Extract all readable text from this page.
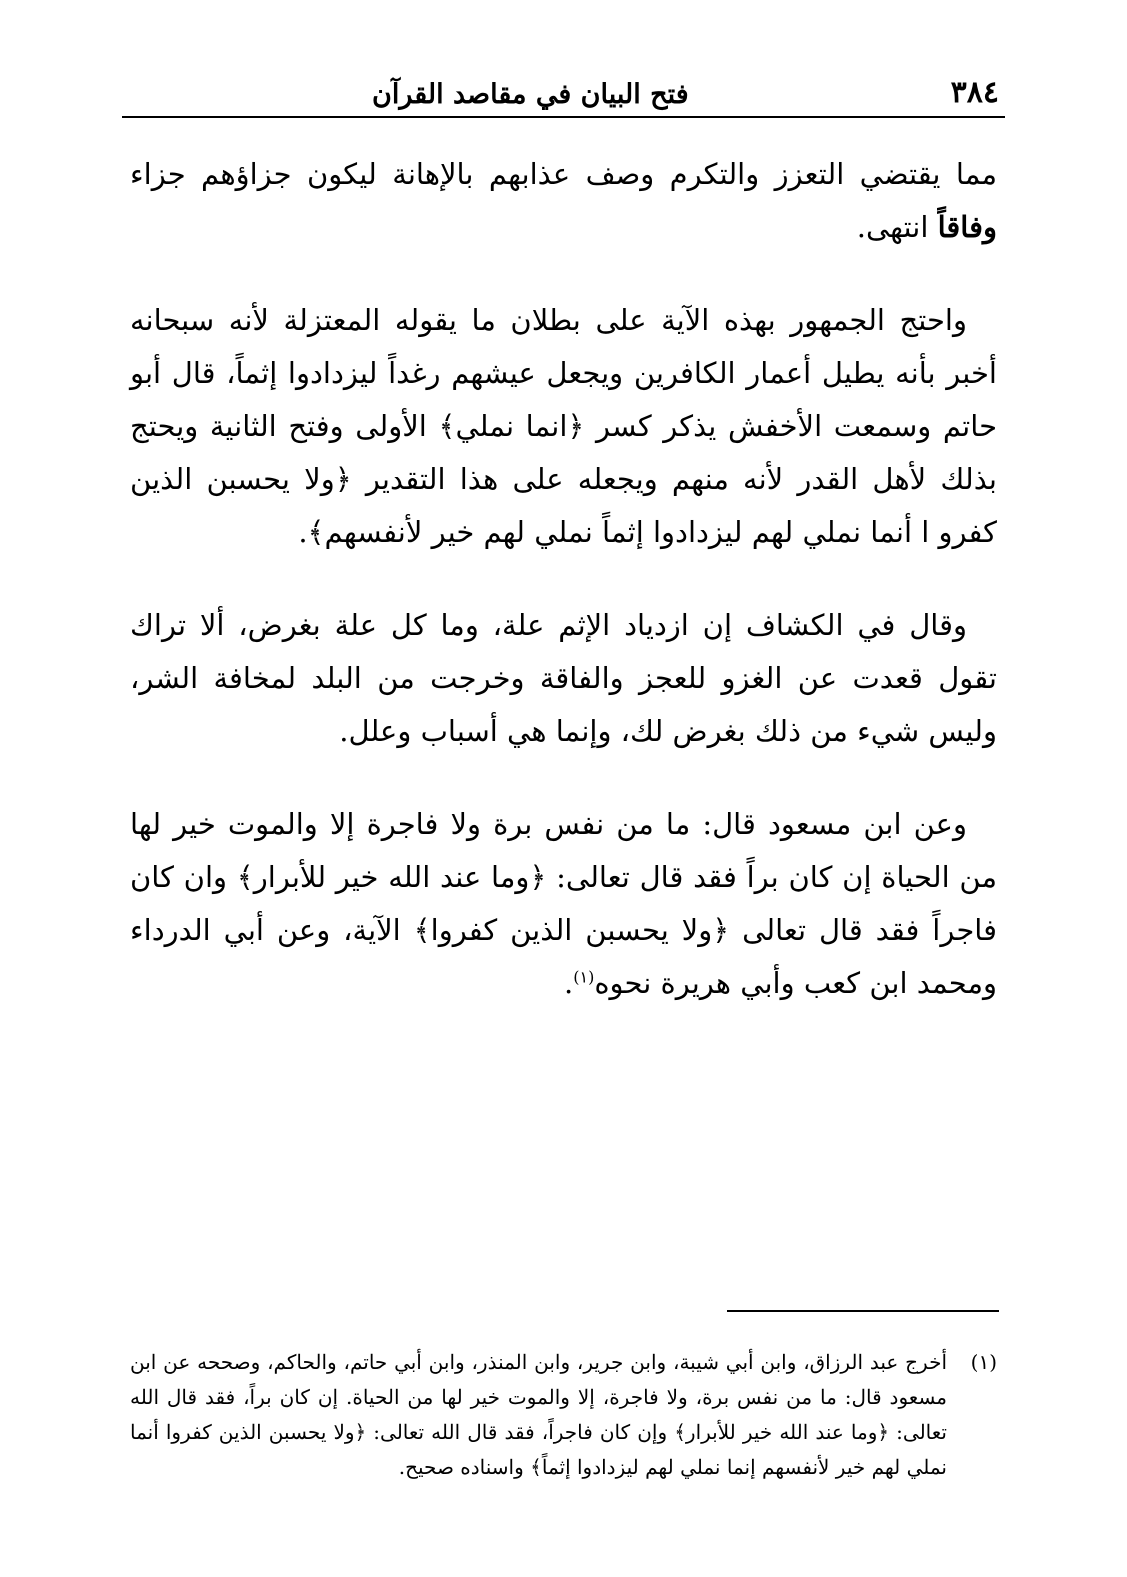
٣٨٤
فتح البيان في مقاصد القرآن

مما يقتضي التعزز والتكرم وصف عذابهم بالإهانة ليكون جزاؤهم جزاء وفاقاً انتهى.

واحتج الجمهور بهذه الآية على بطلان ما يقوله المعتزلة لأنه سبحانه أخبر بأنه يطيل أعمار الكافرين ويجعل عيشهم رغداً ليزدادوا إثماً، قال أبو حاتم وسمعت الأخفش يذكر كسر ﴿انما نملي﴾ الأولى وفتح الثانية ويحتج بذلك لأهل القدر لأنه منهم ويجعله على هذا التقدير ﴿ولا يحسبن الذين كفرو ا أنما نملي لهم ليزدادوا إثماً نملي لهم خير لأنفسهم﴾.

وقال في الكشاف إن ازدياد الإثم علة، وما كل علة بغرض، ألا تراك تقول قعدت عن الغزو للعجز والفاقة وخرجت من البلد لمخافة الشر، وليس شيء من ذلك بغرض لك، وإنما هي أسباب وعلل.

وعن ابن مسعود قال: ما من نفس برة ولا فاجرة إلا والموت خير لها من الحياة إن كان براً فقد قال تعالى: ﴿وما عند الله خير للأبرار﴾ وان كان فاجراً فقد قال تعالى ﴿ولا يحسبن الذين كفروا﴾ الآية، وعن أبي الدرداء ومحمد ابن كعب وأبي هريرة نحوه$^{(١)}$.

(١)
أخرج عبد الرزاق، وابن أبي شيبة، وابن جرير، وابن المنذر، وابن أبي حاتم، والحاكم، وصححه عن ابن مسعود قال: ما من نفس برة، ولا فاجرة، إلا والموت خير لها من الحياة. إن كان براً، فقد قال الله تعالى: ﴿وما عند الله خير للأبرار﴾ وإن كان فاجراً، فقد قال الله تعالى: ﴿ولا يحسبن الذين كفروا أنما نملي لهم خير لأنفسهم إنما نملي لهم ليزدادوا إثماً﴾ واسناده صحيح.
